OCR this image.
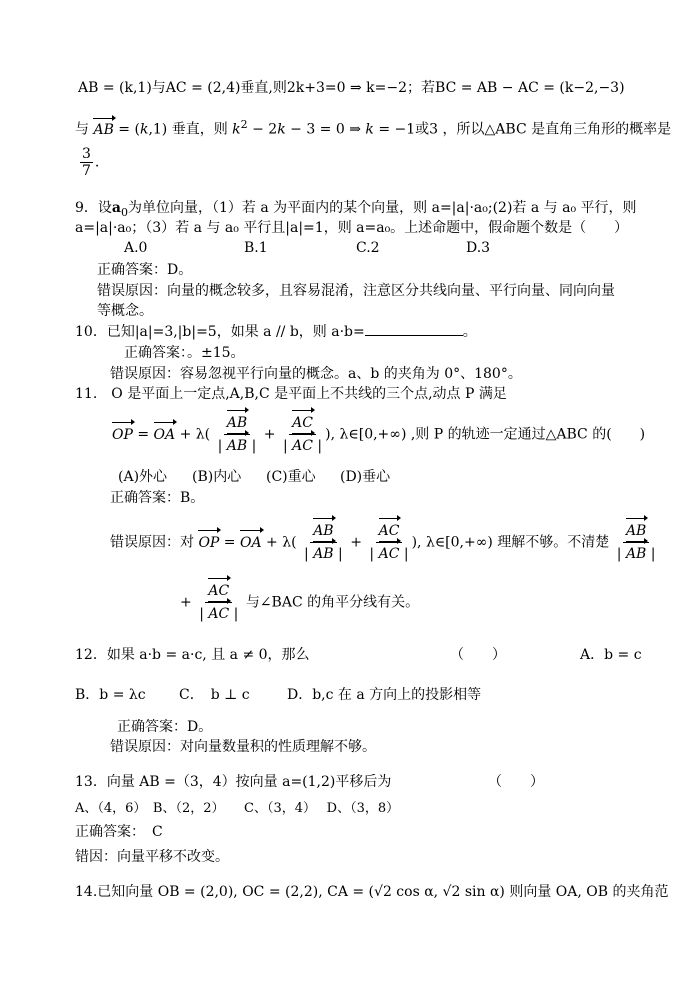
AB = (k,1)与AC = (2,4)垂直,则2k+3=0 ⇒ k=−2；若BC = AB − AC = (k−2,−3)
与 AB = (k,1) 垂直，则 $k^2 - 2k - 3 = 0$ ⇒ k = −1或3 ，所以△ABC 是直角三角形的概率是
$\frac{3}{7}$ .
9．设$a_0$为单位向量，（1）若 a 为平面内的某个向量，则 a=|a|·a₀;(2)若 a 与 a₀ 平行，则
a=|a|·a₀；（3）若 a 与 a₀ 平行且|a|=1，则 a=a₀。上述命题中，假命题个数是（　　）
A.0	B.1	C.2	D.3
正确答案：D。
错误原因：向量的概念较多，且容易混淆，注意区分共线向量、平行向量、同向向量
等概念。
10．已知|a|=3,|b|=5，如果 a // b，则 a·b=	。
正确答案：。±15。
错误原因：容易忽视平行向量的概念。a、b 的夹角为 0°、180°。
11.　O 是平面上一定点,A,B,C 是平面上不共线的三个点,动点 P 满足
OP = OA + $\lambda( \frac{AB}{| AB |} + \frac{AC}{| AC |}$ ), λ∈[0,+∞) ,则 P 的轨迹一定通过△ABC 的(　　)
(A)外心 (B)内心 (C)重心 (D)垂心
正确答案：B。
错误原因：对 OP = OA + $\lambda( \frac{AB}{| AB |} + \frac{AC}{| AC |}$ ), λ∈[0,+∞) 理解不够。不清楚 $\frac{AB}{| AB |}$
+ $\frac{AC}{| AC |}$ 与∠BAC 的角平分线有关。
12．如果 a·b = a·c, 且 a ≠ 0，那么	（　　）	A．b = c
B．b = λc C．　b ⊥ c	D．b,c 在 a 方向上的投影相等
正确答案：D。
错误原因：对向量数量积的性质理解不够。
13．向量 AB =（3，4）按向量 a=(1,2)平移后为	（　　）
A、（4，6）　B、（2，2）　　C、（3，4）　 D、（3，8）
正确答案：　C
错因：向量平移不改变。
14.已知向量 OB = (2,0), OC = (2,2), CA = (√2 cos α, √2 sin α) 则向量 OA, OB 的夹角范
